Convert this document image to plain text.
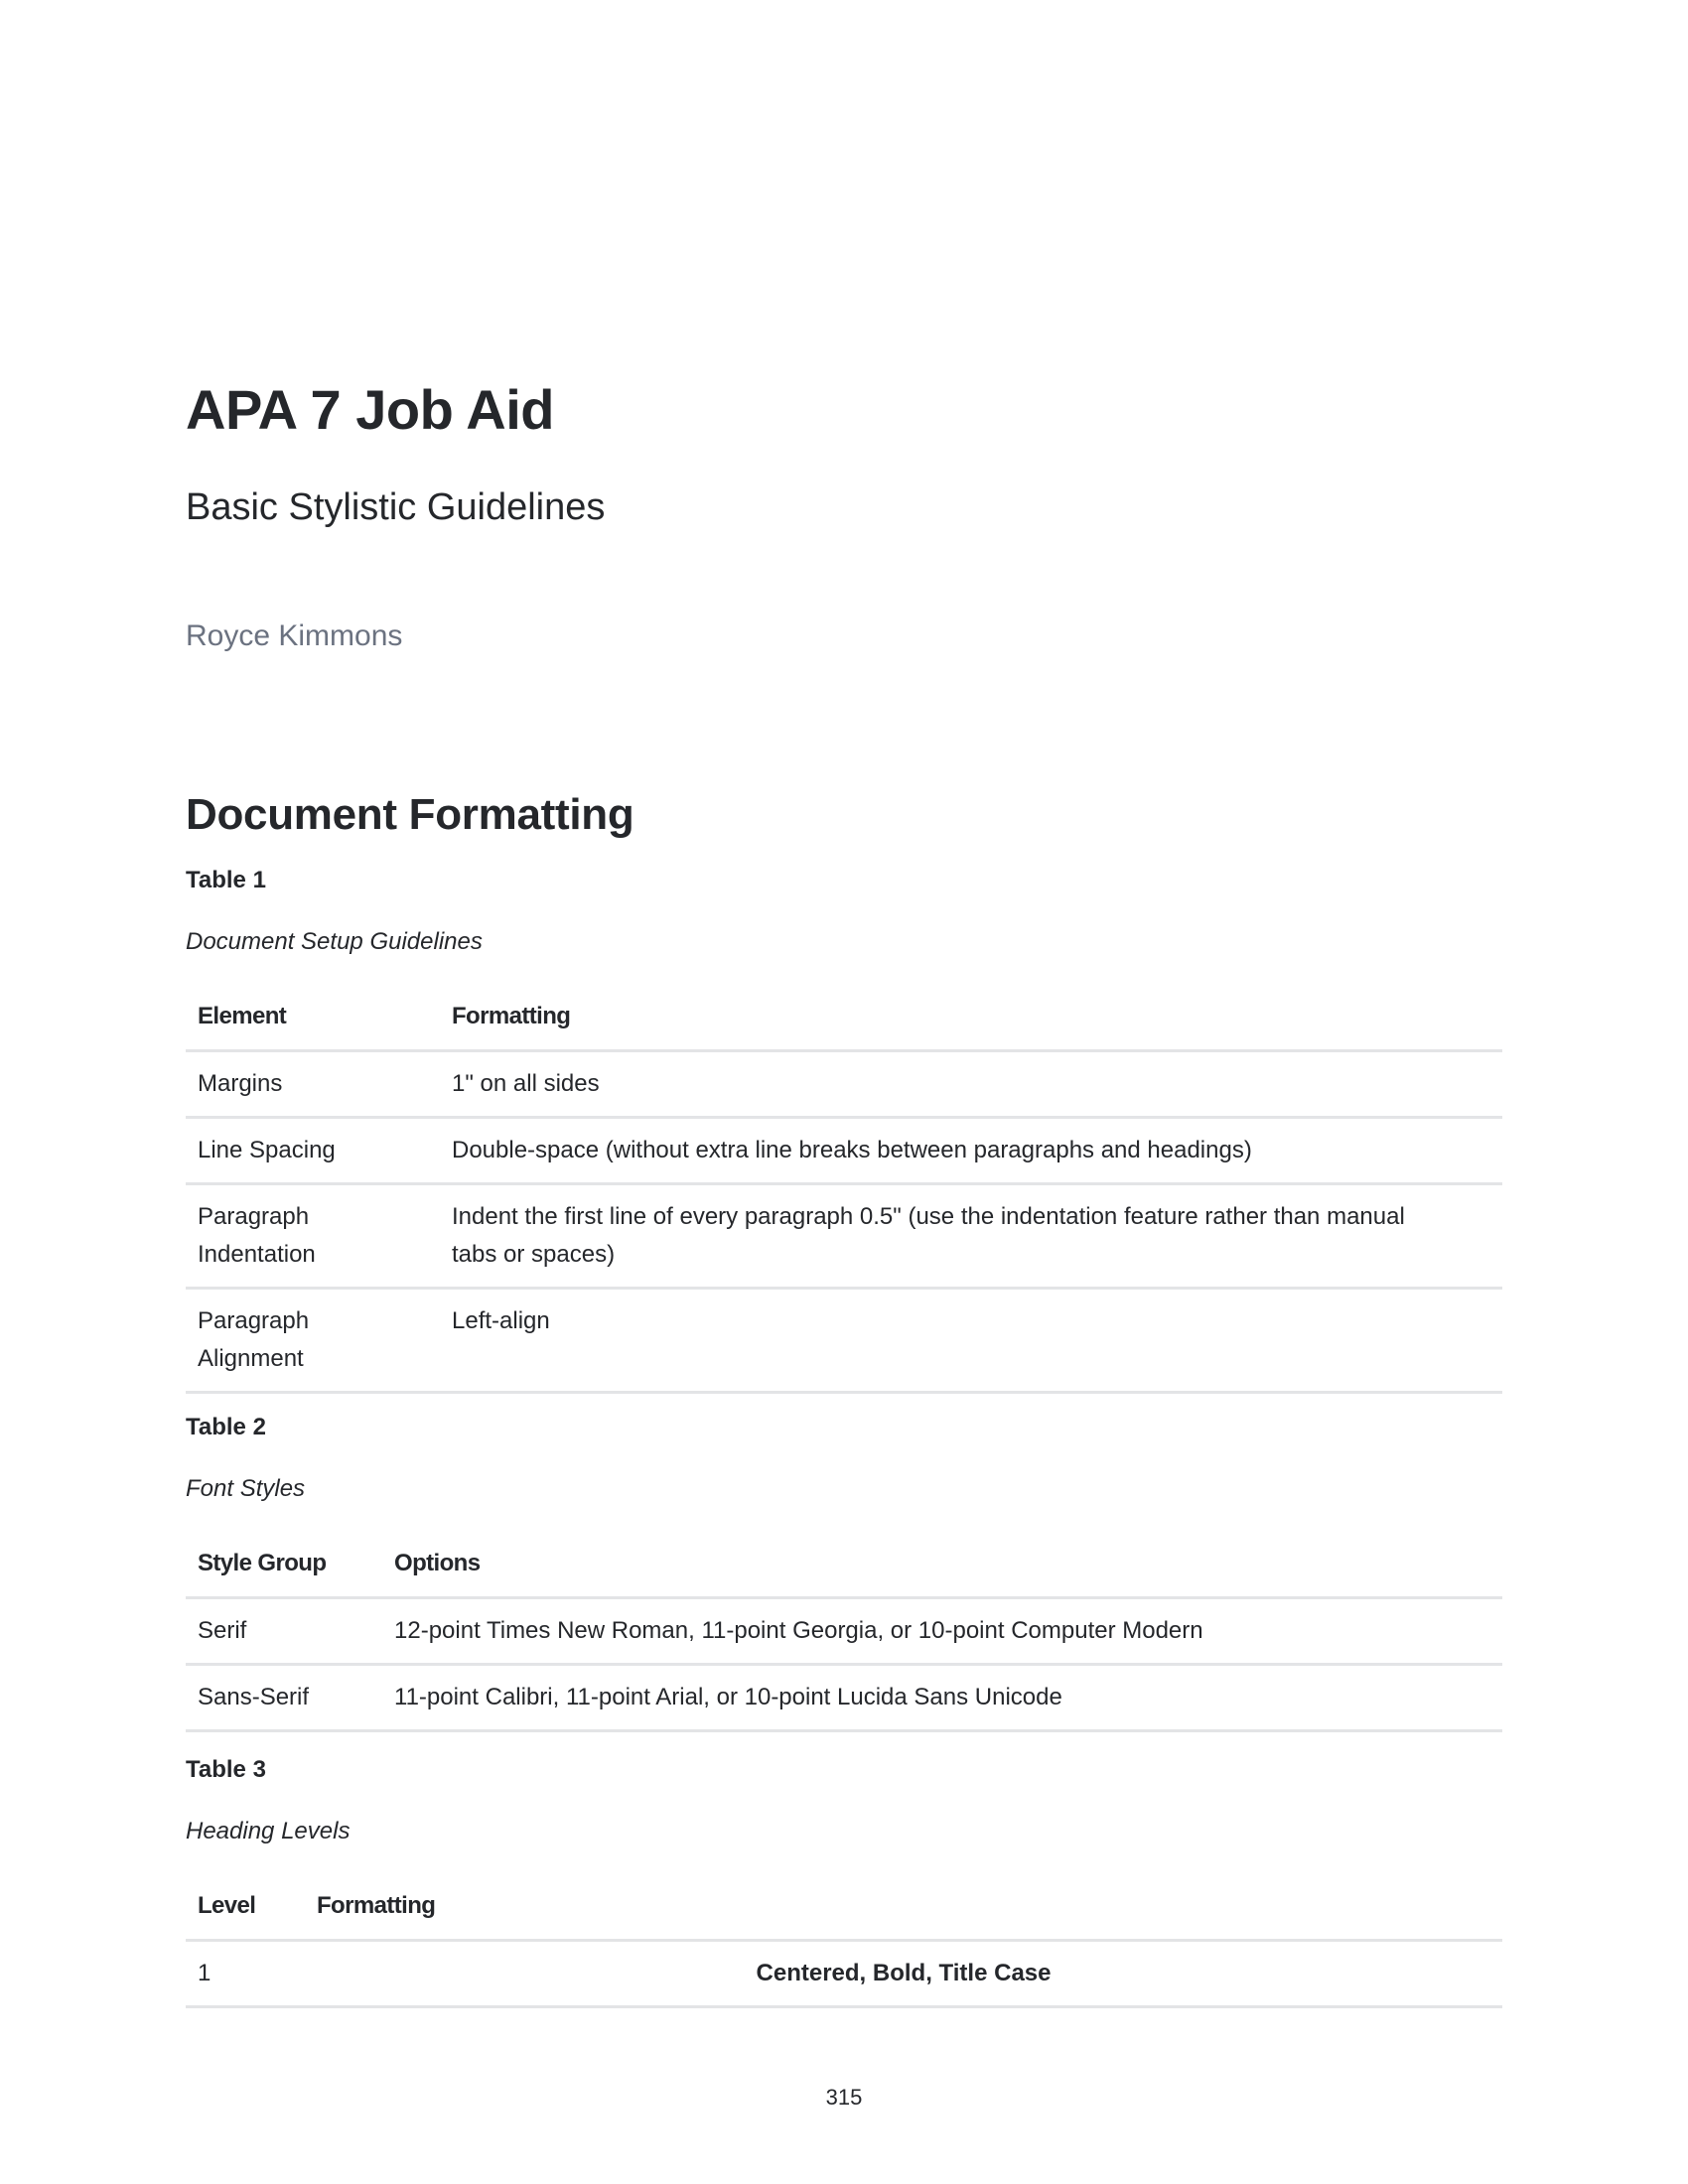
APA 7 Job Aid
Basic Stylistic Guidelines
Royce Kimmons
Document Formatting
Table 1
Document Setup Guidelines
Element	Formatting
Margins	1" on all sides
Line Spacing	Double-space (without extra line breaks between paragraphs and headings)
Paragraph Indentation	Indent the first line of every paragraph 0.5" (use the indentation feature rather than manual tabs or spaces)
Paragraph Alignment	Left-align
Table 2
Font Styles
Style Group	Options
Serif	12-point Times New Roman, 11-point Georgia, or 10-point Computer Modern
Sans-Serif	11-point Calibri, 11-point Arial, or 10-point Lucida Sans Unicode
Table 3
Heading Levels
Level	Formatting
1	Centered, Bold, Title Case
315
